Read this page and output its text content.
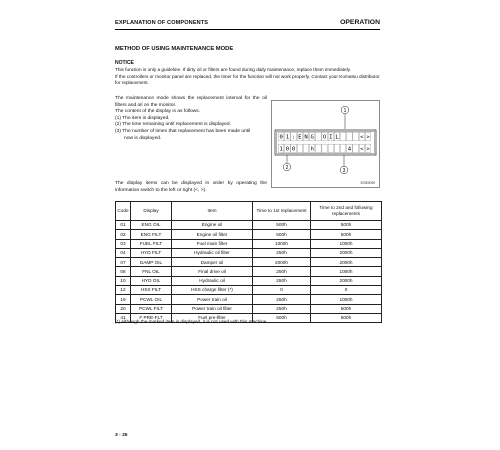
EXPLANATION OF COMPONENTS	OPERATION
METHOD OF USING MAINTENANCE MODE
NOTICE
This function is only a guideline. If dirty oil or filters are found during daily maintenance, replace them immediately.
If the controllers or monitor panel are replaced, the timer for the function will not work properly. Contact your Komatsu distributor for replacement.

The maintenance mode shows the replacement interval for the oil filters and oil on the monitor.

The content of the display is as follows.

(1) The item is displayed.

(2) The time remaining until replacement is displayed.

(3) The number of times that replacement has been made until

now is displayed.

The display items can be displayed in order by operating the information switch to the left or right (<, >).
0 1 : E N G O I L	< >
1 0 0	h	4 < >
1
2	3
923E0095
Code	Display	Item	Time to 1st replacement	Time to 2nd and following replacements
01	ENG OIL	Engine oil	500h	500h
02	ENG FILT	Engine oil filter	500h	500h
03	FUEL FILT	Fuel main filter	1000h	1000h
04	HYD FILT	Hydraulic oil filter	250h	2000h
07	DAMP OIL	Damper oil	2000h	2000h
08	FNL OIL	Final drive oil	250h	1000h
10	HYD OIL	Hydraulic oil	250h	2000h
12	HSS FILT	HSS charge filter (*)	0	0
19	PCWL OIL	Power train oil	250h	1000h
20	PCWL FILT	Power train oil filter	250h	500h
41	F PRE-FLT	Fuel pre-filter	500h	500h
(*) Although the marked item is displayed, it is not used with this machine.
3 - 25
